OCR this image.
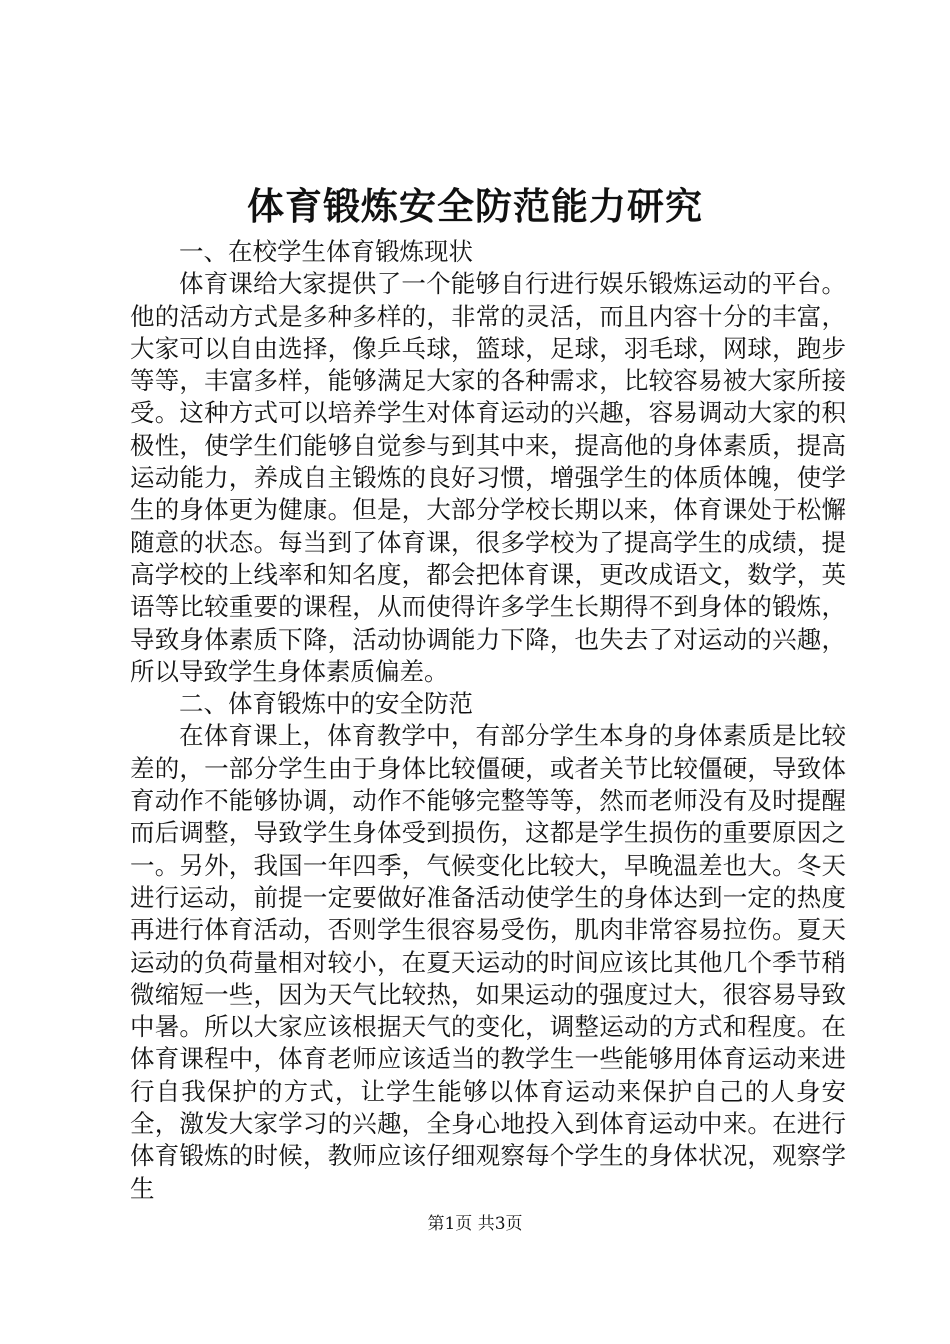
体育锻炼安全防范能力研究

一、在校学生体育锻炼现状

体育课给大家提供了一个能够自行进行娱乐锻炼运动的平台。他的活动方式是多种多样的，非常的灵活，而且内容十分的丰富，大家可以自由选择，像乒乓球，篮球，足球，羽毛球，网球，跑步等等，丰富多样，能够满足大家的各种需求，比较容易被大家所接受。这种方式可以培养学生对体育运动的兴趣，容易调动大家的积极性，使学生们能够自觉参与到其中来，提高他的身体素质，提高运动能力，养成自主锻炼的良好习惯，增强学生的体质体魄，使学生的身体更为健康。但是，大部分学校长期以来，体育课处于松懈随意的状态。每当到了体育课，很多学校为了提高学生的成绩，提高学校的上线率和知名度，都会把体育课，更改成语文，数学，英语等比较重要的课程，从而使得许多学生长期得不到身体的锻炼，导致身体素质下降，活动协调能力下降，也失去了对运动的兴趣，所以导致学生身体素质偏差。

二、体育锻炼中的安全防范

在体育课上，体育教学中，有部分学生本身的身体素质是比较差的，一部分学生由于身体比较僵硬，或者关节比较僵硬，导致体育动作不能够协调，动作不能够完整等等，然而老师没有及时提醒而后调整，导致学生身体受到损伤，这都是学生损伤的重要原因之一。另外，我国一年四季，气候变化比较大，早晚温差也大。冬天进行运动，前提一定要做好准备活动使学生的身体达到一定的热度再进行体育活动，否则学生很容易受伤，肌肉非常容易拉伤。夏天运动的负荷量相对较小，在夏天运动的时间应该比其他几个季节稍微缩短一些，因为天气比较热，如果运动的强度过大，很容易导致中暑。所以大家应该根据天气的变化，调整运动的方式和程度。在体育课程中，体育老师应该适当的教学生一些能够用体育运动来进行自我保护的方式，让学生能够以体育运动来保护自己的人身安全，激发大家学习的兴趣，全身心地投入到体育运动中来。在进行体育锻炼的时候，教师应该仔细观察每个学生的身体状况，观察学生

第1页 共3页
